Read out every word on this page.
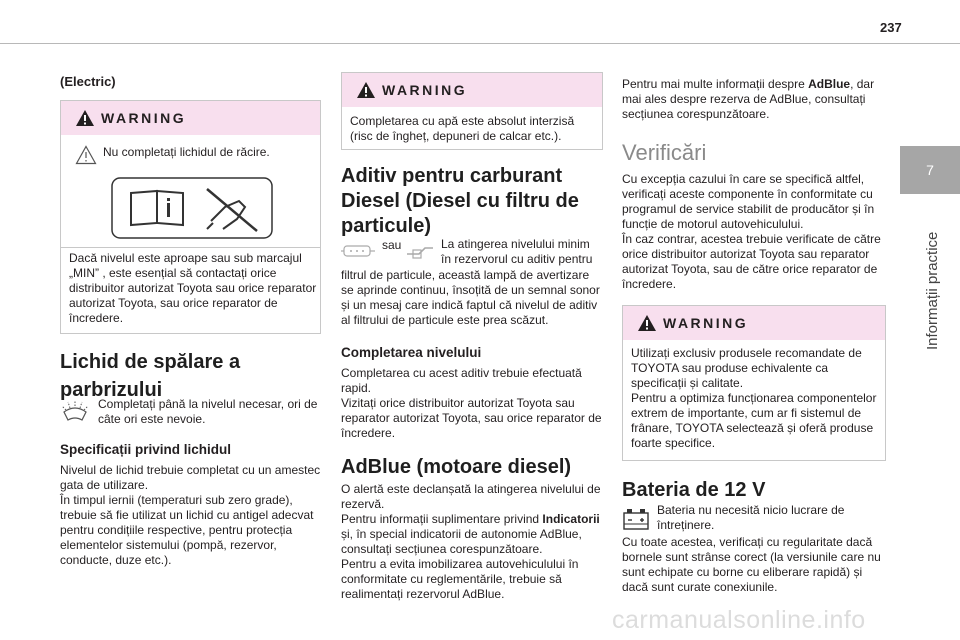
237
7
Informații practice
(Electric)
WARNING
Nu completați lichidul de răcire.
Dacă nivelul este aproape sau sub marcajul „MIN” , este esențial să contactați orice distribuitor autorizat Toyota sau orice reparator autorizat Toyota, sau orice reparator de încredere.
Lichid de spălare a
parbrizului
Completați până la nivelul necesar, ori de câte ori este nevoie.
Specificații privind lichidul
Nivelul de lichid trebuie completat cu un amestec gata de utilizare.
În timpul iernii (temperaturi sub zero grade), trebuie să fie utilizat un lichid cu antigel adecvat pentru condițiile respective, pentru protecția elementelor sistemului (pompă, rezervor, conducte, duze etc.).
WARNING
Completarea cu apă este absolut interzisă (risc de îngheț, depuneri de calcar etc.).
Aditiv pentru carburant
Diesel (Diesel cu filtru de
particule)
sau	La atingerea nivelului minim în rezervorul cu aditiv pentru
filtrul de particule, această lampă de avertizare se aprinde continuu, însoțită de un semnal sonor și un mesaj care indică faptul că nivelul de aditiv al filtrului de particule este prea scăzut.
Completarea nivelului
Completarea cu acest aditiv trebuie efectuată rapid.
Vizitați orice distribuitor autorizat Toyota sau reparator autorizat Toyota, sau orice reparator de încredere.
AdBlue (motoare diesel)
O alertă este declanșată la atingerea nivelului de rezervă.
Pentru informații suplimentare privind Indicatorii și, în special indicatorii de autonomie AdBlue, consultați secțiunea corespunzătoare.
Pentru a evita imobilizarea autovehiculului în conformitate cu reglementările, trebuie să realimentați rezervorul AdBlue.
Pentru mai multe informații despre AdBlue, dar mai ales despre rezerva de AdBlue, consultați secțiunea corespunzătoare.
Verificări
Cu excepția cazului în care se specifică altfel, verificați aceste componente în conformitate cu programul de service stabilit de producător și în funcție de motorul autovehiculului.
În caz contrar, acestea trebuie verificate de către orice distribuitor autorizat Toyota sau reparator autorizat Toyota, sau de către orice reparator de încredere.
WARNING
Utilizați exclusiv produsele recomandate de TOYOTA sau produse echivalente ca specificații și calitate.
Pentru a optimiza funcționarea componentelor extrem de importante, cum ar fi sistemul de frânare, TOYOTA selectează și oferă produse foarte specifice.
Bateria de 12 V
Bateria nu necesită nicio lucrare de întreținere.
Cu toate acestea, verificați cu regularitate dacă bornele sunt strânse corect (la versiunile care nu sunt echipate cu borne cu eliberare rapidă) și dacă sunt curate conexiunile.
carmanualsonline.info
